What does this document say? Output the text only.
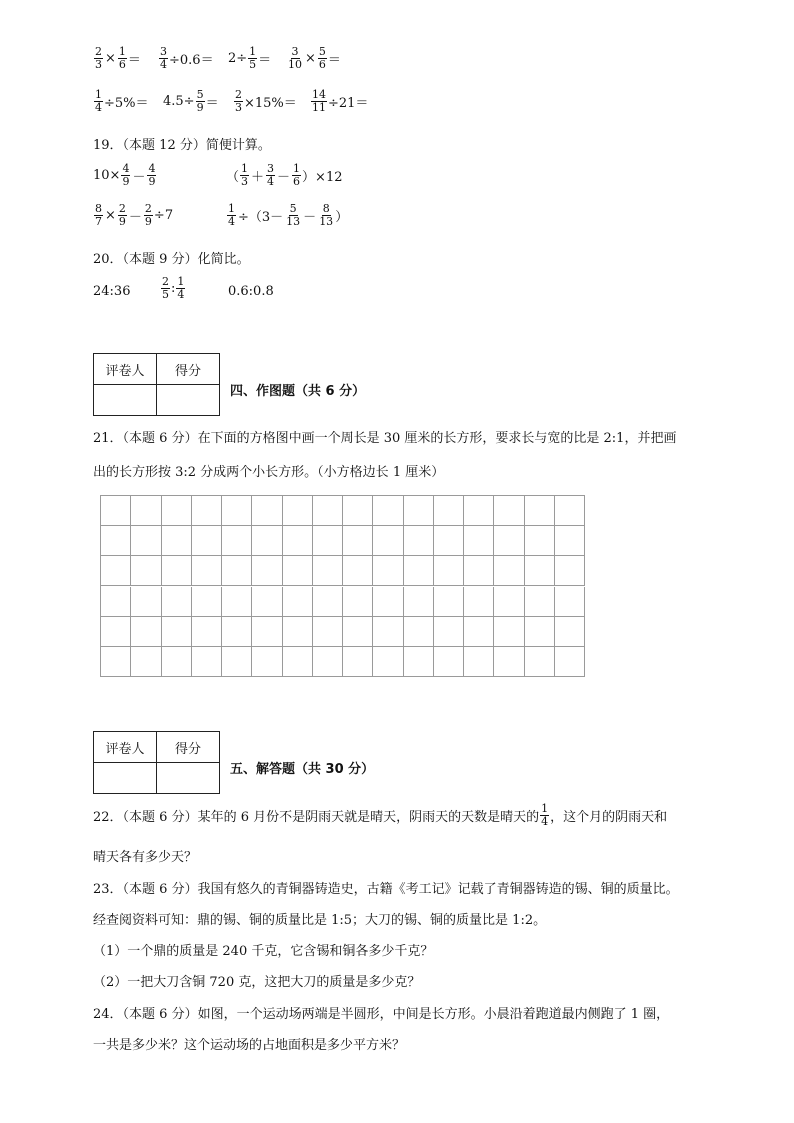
$\frac{2}{3} \times \frac{1}{6} = \frac{3}{4} \div 0.6= 2\div \frac{1}{5} = \frac{3}{10} \times \frac{5}{6}$ ＝
$\frac{1}{4} \div 5\%= 4.5\div \frac{5}{9} = \frac{2}{3} \times 15\%= \frac{14}{11} \div 21=$
19．（本题 12 分）简便计算。
$10\times \frac{4}{9} - \frac{4}{9}$	（ $\frac{1}{3} + \frac{3}{4} - \frac{1}{6} )\times 12$
$\frac{8}{7} \times \frac{2}{9} - \frac{2}{9} \div 7$	$\frac{1}{4} \div(3- \frac{5}{13} - \frac{8}{13}$ ）
20．（本题 9 分）化简比。
24:36	$\frac{2}{5}$ : $\frac{1}{4}$	0.6:0.8
评卷人	得分

四、作图题（共 6 分）
21．（本题 6 分）在下面的方格图中画一个周长是 30 厘米的长方形，要求长与宽的比是 2:1，并把画
出的长方形按 3:2 分成两个小长方形。（小方格边长 1 厘米）
评卷人	得分

五、解答题（共 30 分）
22．（本题 6 分）某年的 6 月份不是阴雨天就是晴天，阴雨天的天数是晴天的 $\frac{1}{4}$ ，这个月的阴雨天和
晴天各有多少天？
23．（本题 6 分）我国有悠久的青铜器铸造史，古籍《考工记》记载了青铜器铸造的锡、铜的质量比。
经查阅资料可知：鼎的锡、铜的质量比是 1:5；大刀的锡、铜的质量比是 1:2。
（1）一个鼎的质量是 240 千克，它含锡和铜各多少千克？
（2）一把大刀含铜 720 克，这把大刀的质量是多少克？
24．（本题 6 分）如图，一个运动场两端是半圆形，中间是长方形。小晨沿着跑道最内侧跑了 1 圈，
一共是多少米？这个运动场的占地面积是多少平方米？
